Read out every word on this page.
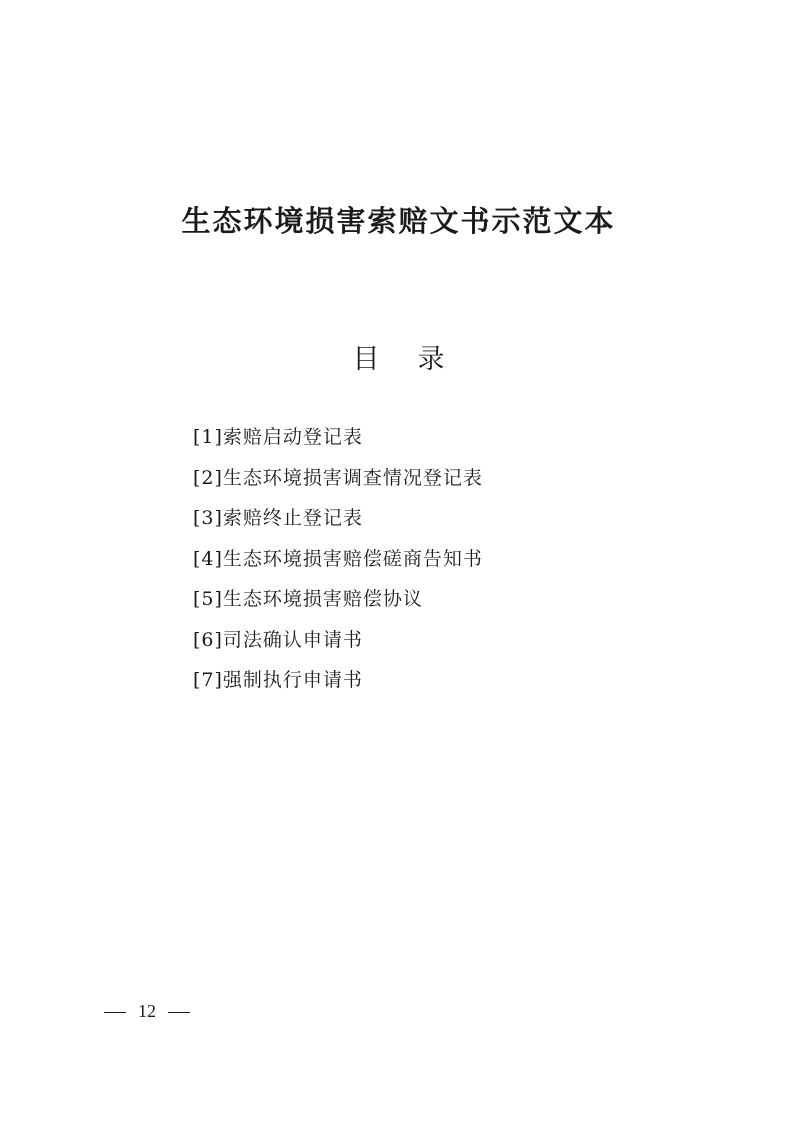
生态环境损害索赔文书示范文本
目 录
[1]索赔启动登记表
[2]生态环境损害调查情况登记表
[3]索赔终止登记表
[4]生态环境损害赔偿磋商告知书
[5]生态环境损害赔偿协议
[6]司法确认申请书
[7]强制执行申请书
12
